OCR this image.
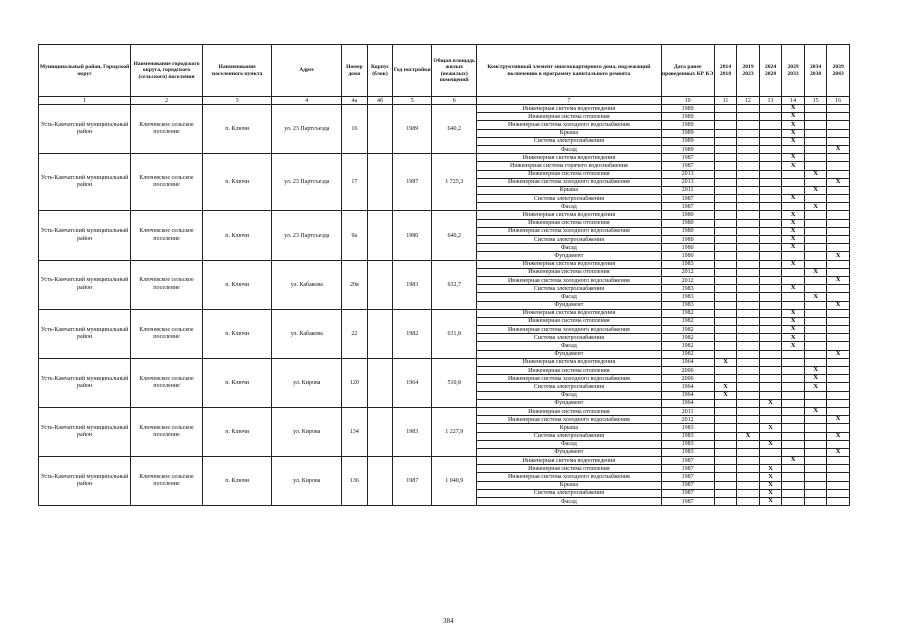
Муниципальный район, Городской округ	Наименование городского округа, городского (сельского) поселения	Наименование населенного пункта	Адрес	Номер дома	Корпус (блок)	Год постройки	Общая площадь жилых (нежилых) помещений	Конструктивный элемент многоквартирного дома, подлежащий включению в программу капитального ремонта	Дата ранее проведенных КР КЭ	2014 2018	2019 2023	2024 2028	2029 2033	2034 2038	2039 2043
1	2	3	4	4а	4б	5	6	7	10	11	12	13	14	15	16
Усть-Камчатский муниципальный район	Ключевское сельское поселение	п. Ключи	ул. 23 Партсъезда	16		1989	640,2	Инженерная система водоотведения	1989				X		
								Инженерная система отопления	1989				X		
								Инженерная система холодного водоснабжения	1989				X		
								Крыша	1989				X		
								Система электроснабжения	1989				X		
								Фасад	1989						X
Усть-Камчатский муниципальный район	Ключевское сельское поселение	п. Ключи	ул. 23 Партсъезда	17		1987	1 725,3	Инженерная система водоотведения	1987				X		
								Инженерная система горячего водоснабжения	1987				X		
								Инженерная система отопления	2013					X	
								Инженерная система холодного водоснабжения	2013						X
								Крыша	2011					X	
								Система электроснабжения	1987				X		
								Фасад	1987					X	
Усть-Камчатский муниципальный район	Ключевское сельское поселение	п. Ключи	ул. 23 Партсъезда	9а		1980	640,2	Инженерная система водоотведения	1980				X		
								Инженерная система отопления	1980				X		
								Инженерная система холодного водоснабжения	1980				X		
								Система электроснабжения	1980				X		
								Фасад	1980				X		
								Фундамент	1980						X
Усть-Камчатский муниципальный район	Ключевское сельское поселение	п. Ключи	ул. Кабакова	20в		1983	632,7	Инженерная система водоотведения	1983				X		
								Инженерная система отопления	2012					X	
								Инженерная система холодного водоснабжения	2012						X
								Система электроснабжения	1983				X		
								Фасад	1983					X	
								Фундамент	1983						X
Усть-Камчатский муниципальный район	Ключевское сельское поселение	п. Ключи	ул. Кабакова	22		1982	631,8	Инженерная система водоотведения	1982				X		
								Инженерная система отопления	1982				X		
								Инженерная система холодного водоснабжения	1982				X		
								Система электроснабжения	1982				X		
								Фасад	1982				X		
								Фундамент	1982						X
Усть-Камчатский муниципальный район	Ключевское сельское поселение	п. Ключи	ул. Кирова	120		1964	510,8	Инженерная система водоотведения	1964	X					
								Инженерная система отопления	2006					X	
								Инженерная система холодного водоснабжения	2006					X	
								Система электроснабжения	1964	X				X	
								Фасад	1964	X					
								Фундамент	1964			X			
Усть-Камчатский муниципальный район	Ключевское сельское поселение	п. Ключи	ул. Кирова	134		1983	1 227,9	Инженерная система отопления	2011					X	
								Инженерная система холодного водоснабжения	2012						X
								Крыша	1983			X			
								Система электроснабжения	1983		X				X
								Фасад	1983			X			
								Фундамент	1983						X
Усть-Камчатский муниципальный район	Ключевское сельское поселение	п. Ключи	ул. Кирова	136		1987	1 040,9	Инженерная система водоотведения	1987				X		
								Инженерная система отопления	1987			X			
								Инженерная система холодного водоснабжения	1987			X			
								Крыша	1987			X			
								Система электроснабжения	1987			X			
								Фасад	1987			X			
384
